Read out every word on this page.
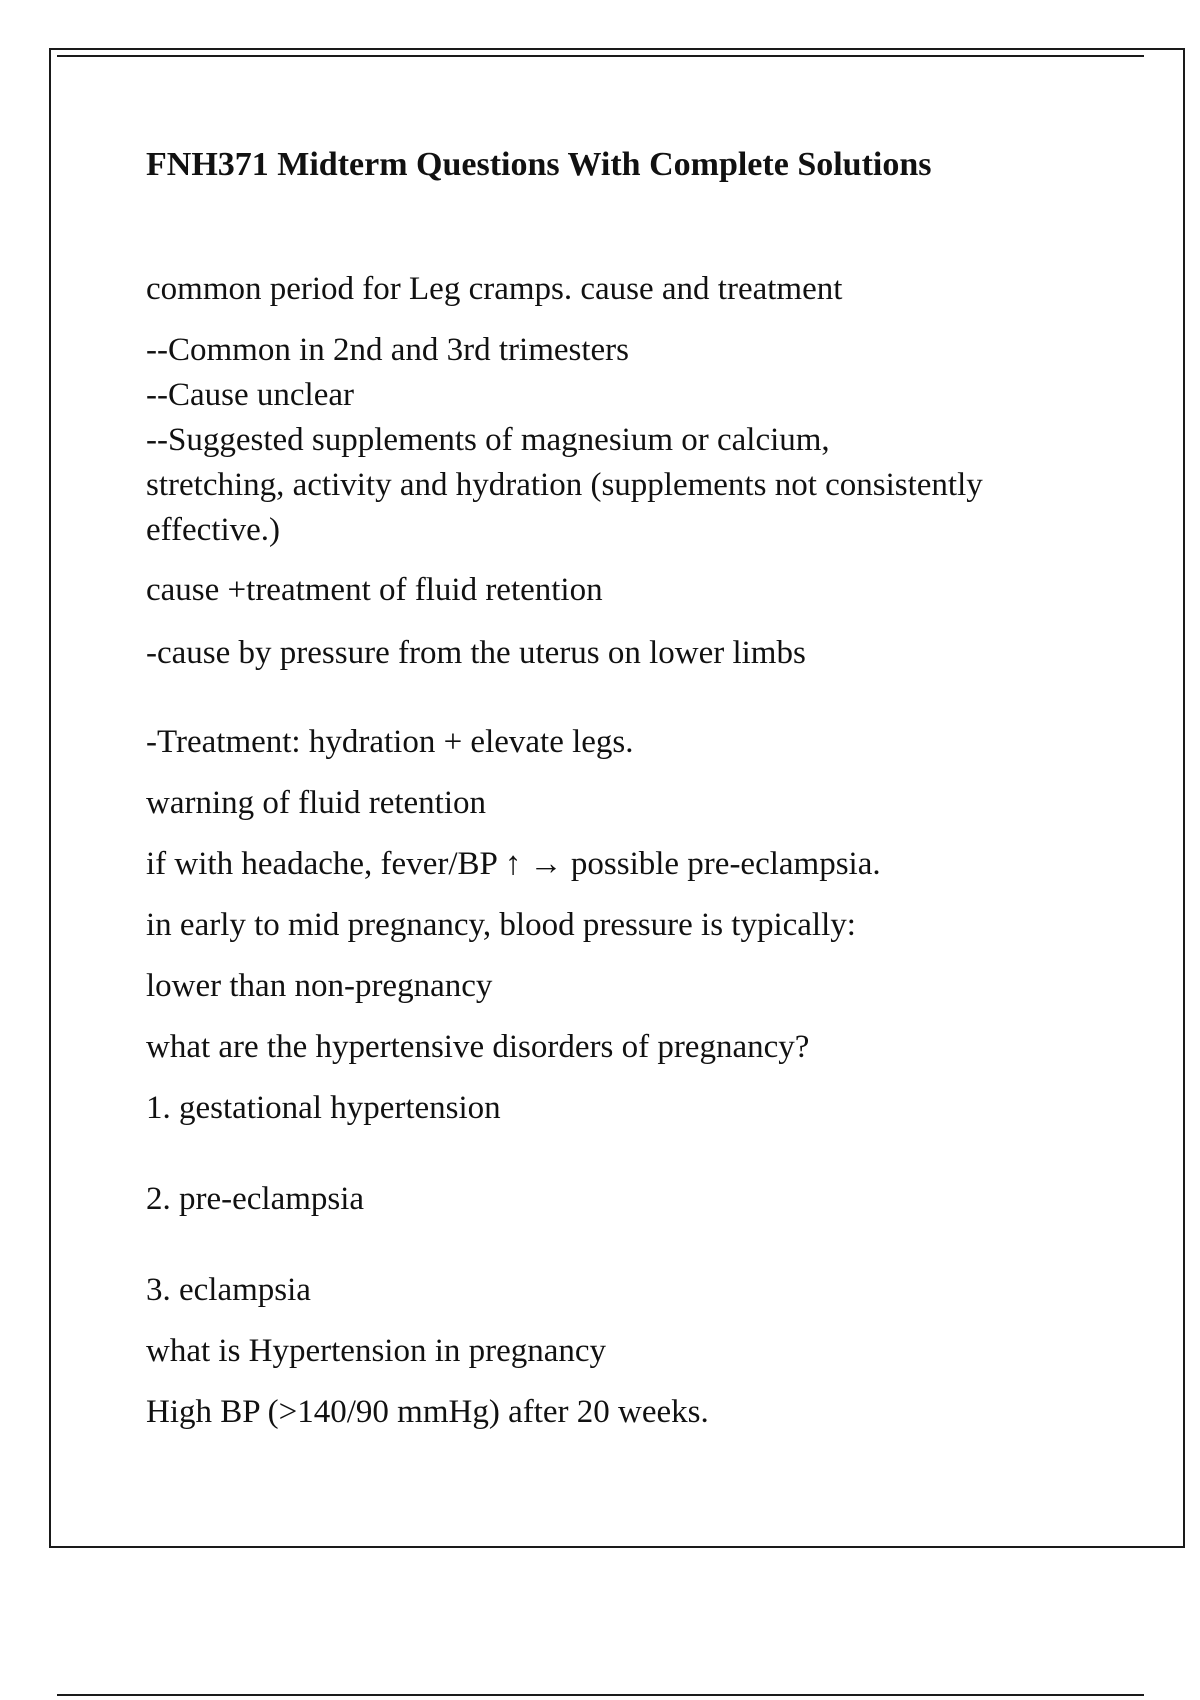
FNH371 Midterm Questions With Complete Solutions

common period for Leg cramps. cause and treatment

--Common in 2nd and 3rd trimesters
--Cause unclear
--Suggested supplements of magnesium or calcium,
stretching, activity and hydration (supplements not consistently
effective.)

cause +treatment of fluid retention

-cause by pressure from the uterus on lower limbs

-Treatment: hydration + elevate legs.

warning of fluid retention

if with headache, fever/BP ↑ → possible pre-eclampsia.

in early to mid pregnancy, blood pressure is typically:

lower than non-pregnancy

what are the hypertensive disorders of pregnancy?

1. gestational hypertension

2. pre-eclampsia

3. eclampsia

what is Hypertension in pregnancy

High BP (>140/90 mmHg) after 20 weeks.
